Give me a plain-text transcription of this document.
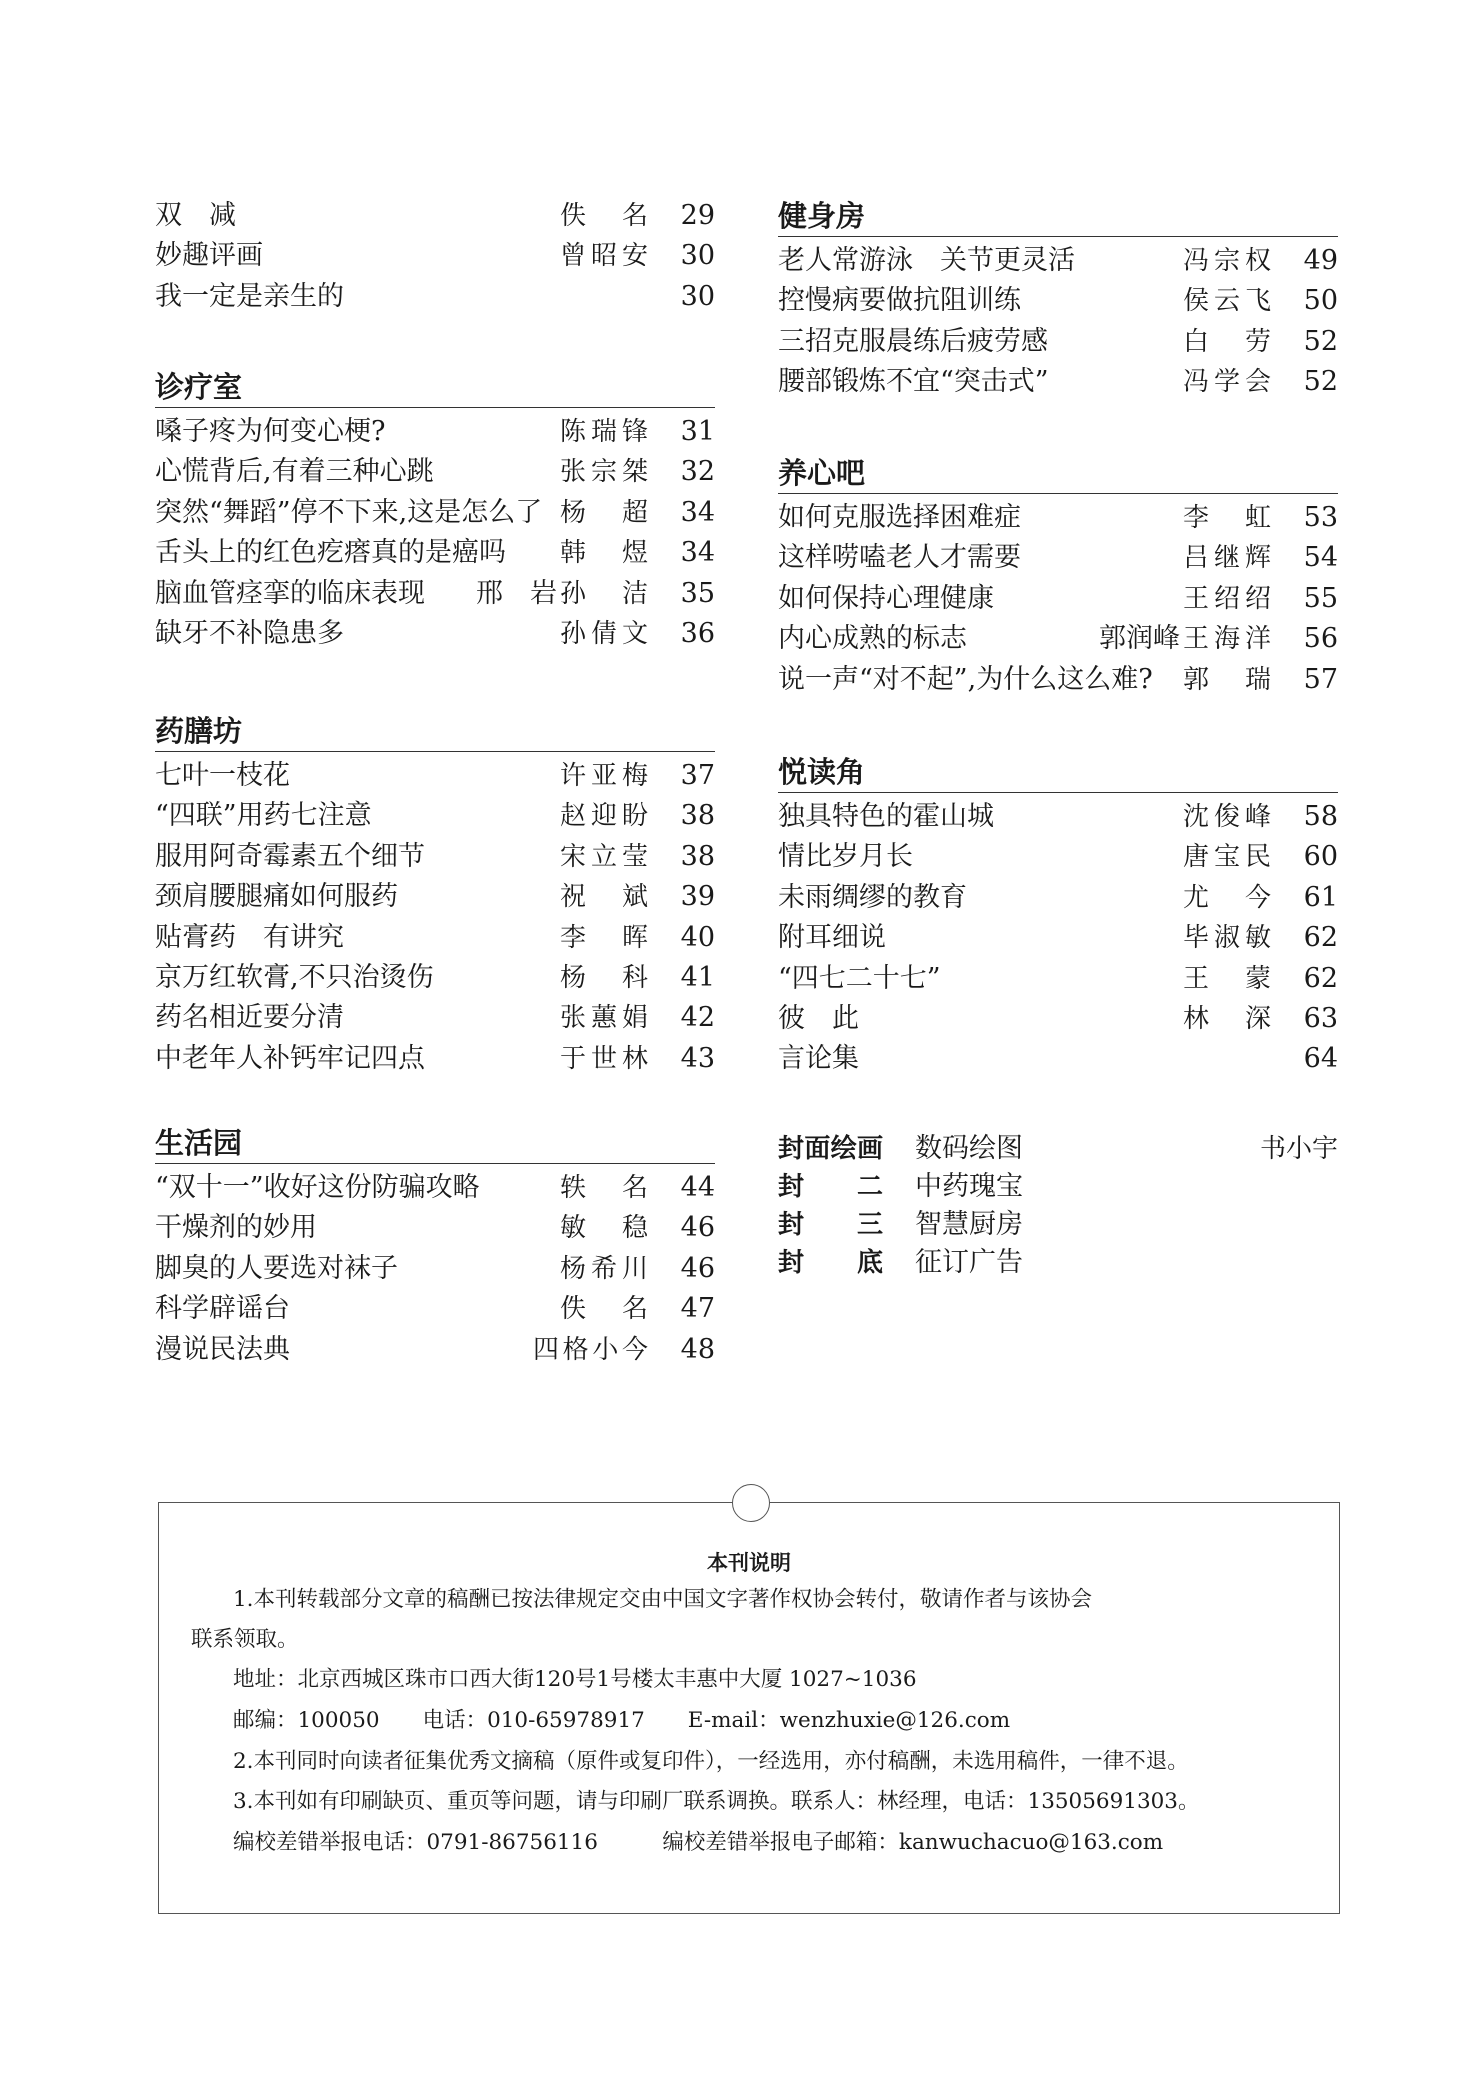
双　减	佚　名 29
妙趣评画	曾昭安 30
我一定是亲生的	30
诊疗室
嗓子疼为何变心梗?	陈瑞锋 31
心慌背后,有着三种心跳	张宗桀 32
突然“舞蹈”停不下来,这是怎么了 杨　超 34
舌头上的红色疙瘩真的是癌吗 韩　煜 34
脑血管痉挛的临床表现 邢　岩 孙　洁 35
缺牙不补隐患多	孙倩文 36
药膳坊
七叶一枝花	许亚梅 37
“四联”用药七注意	赵迎盼 38
服用阿奇霉素五个细节	宋立莹 38
颈肩腰腿痛如何服药	祝　斌 39
贴膏药　有讲究	李　晖 40
京万红软膏,不只治烫伤	杨　科 41
药名相近要分清	张蕙娟 42
中老年人补钙牢记四点	于世林 43
生活园
“双十一”收好这份防骗攻略	轶　名 44
干燥剂的妙用	敏　稳 46
脚臭的人要选对袜子	杨希川 46
科学辟谣台	佚　名 47
漫说民法典	四格小今 48
健身房
老人常游泳　关节更灵活	冯宗权 49
控慢病要做抗阻训练	侯云飞 50
三招克服晨练后疲劳感	白　劳 52
腰部锻炼不宜“突击式”	冯学会 52
养心吧
如何克服选择困难症	李　虹 53
这样唠嗑老人才需要	吕继辉 54
如何保持心理健康	王绍绍 55
内心成熟的标志	郭润峰 王海洋 56
说一声“对不起”,为什么这么难? 郭　瑞 57
悦读角
独具特色的霍山城	沈俊峰 58
情比岁月长	唐宝民 60
未雨绸缪的教育	尤　今 61
附耳细说	毕淑敏 62
“四七二十七”	王　蒙 62
彼　此	林　深 63
言论集	64
封面绘画 数码绘图	书小宇
封二 中药瑰宝
封三 智慧厨房
封底 征订广告
本刊说明
1.本刊转载部分文章的稿酬已按法律规定交由中国文字著作权协会转付，敬请作者与该协会
联系领取。
地址：北京西城区珠市口西大街120号1号楼太丰惠中大厦 1027~1036
邮编：100050　　电话：010-65978917　　E-mail：wenzhuxie@126.com
2.本刊同时向读者征集优秀文摘稿（原件或复印件），一经选用，亦付稿酬，未选用稿件，一律不退。
3.本刊如有印刷缺页、重页等问题，请与印刷厂联系调换。联系人：林经理，电话：13505691303。
编校差错举报电话：0791-86756116　　　编校差错举报电子邮箱：kanwuchacuo@163.com
